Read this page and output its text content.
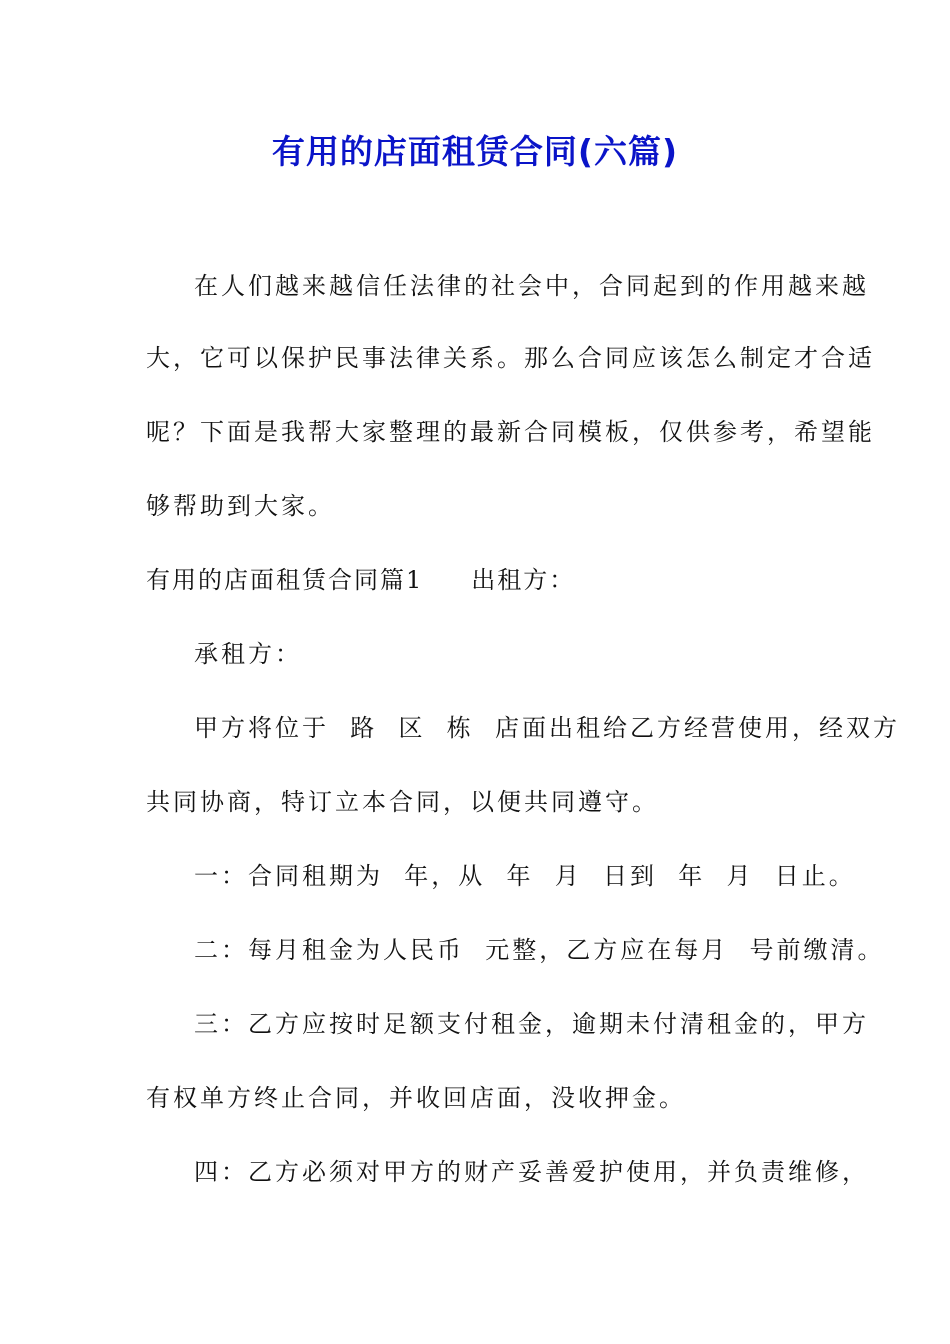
有用的店面租赁合同(六篇)

在人们越来越信任法律的社会中，合同起到的作用越来越

大，它可以保护民事法律关系。那么合同应该怎么制定才合适

呢？下面是我帮大家整理的最新合同模板，仅供参考，希望能

够帮助到大家。

有用的店面租赁合同篇1 出租方：

承租方：

甲方将位于  路  区  栋  店面出租给乙方经营使用，经双方

共同协商，特订立本合同，以便共同遵守。

一：合同租期为  年，从  年  月  日到  年  月  日止。

二：每月租金为人民币  元整，乙方应在每月  号前缴清。

三：乙方应按时足额支付租金，逾期未付清租金的，甲方

有权单方终止合同，并收回店面，没收押金。

四：乙方必须对甲方的财产妥善爱护使用，并负责维修，
